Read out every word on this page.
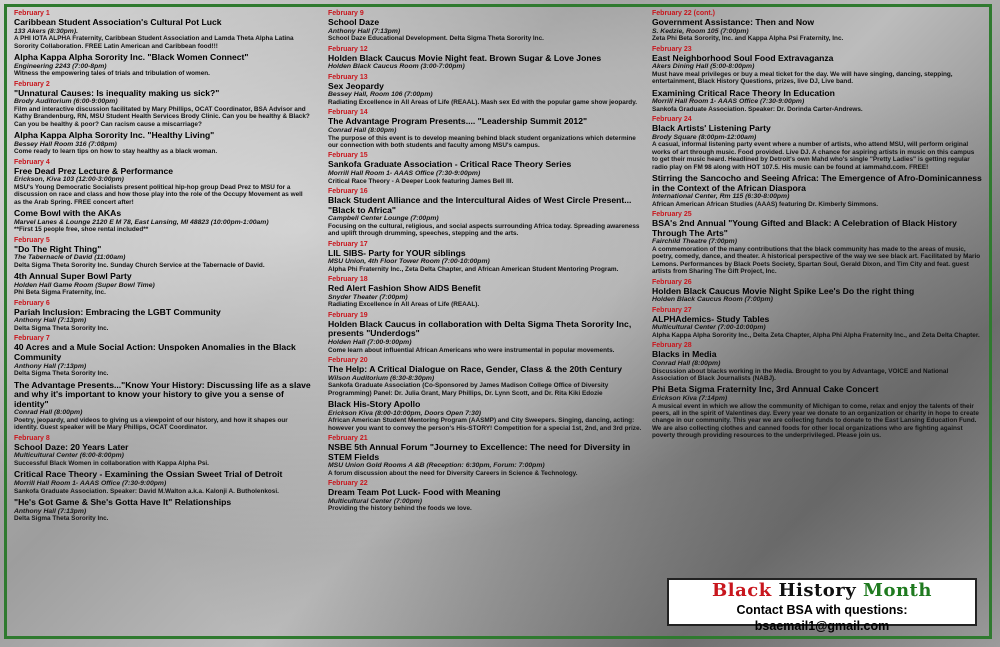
February 1
Caribbean Student Association's Cultural Pot Luck
133 Akers (8:30pm).
A PHI IOTA ALPHA Fraternity, Caribbean Student Association and Lamda Theta Alpha Latina Sorority Collaboration. FREE Latin American and Caribbean food!!!
Alpha Kappa Alpha Sorority Inc. "Black Women Connect"
Engineering 2243 (7:00-8pm)
Witness the empowering tales of trials and tribulation of women.
February 2
"Unnatural Causes: Is inequality making us sick?"
Brody Auditorium (6:00-9:00pm)
Film and interactive discussion facilitated by Mary Phillips, OCAT Coordinator, BSA Advisor and Kathy Brandenburg, RN, MSU Student Health Services Brody Clinic. Can you be healthy & Black? Can you be healthy & poor? Can racism cause a miscarriage?
Alpha Kappa Alpha Sorority Inc. "Healthy Living"
Bessey Hall Room 316 (7:08pm)
Come ready to learn tips on how to stay healthy as a black woman.
February 4
Free Dead Prez Lecture & Performance
Erickson, Kiva 103 (12:00-3:00pm)
MSU's Young Democratic Socialists present political hip-hop group Dead Prez to MSU for a discussion on race and class and how those play into the role of the Occupy Movement as well as the Arab Spring. FREE concert after!
Come Bowl with the AKAs
Marvel Lanes & Lounge 2120 E M 78, East Lansing, MI 48823 (10:00pm-1:00am)
**First 15 people free, shoe rental included**
February 5
"Do The Right Thing"
The Tabernacle of David (11:00am)
Delta Sigma Theta Sorority Inc. Sunday Church Service at the Tabernacle of David.
4th Annual Super Bowl Party
Holden Hall Game Room (Super Bowl Time)
Phi Beta Sigma Fraternity, Inc.
February 6
Pariah Inclusion: Embracing the LGBT Community
Anthony Hall (7:13pm)
Delta Sigma Theta Sorority Inc.
February 7
40 Acres and a Mule Social Action: Unspoken Anomalies in the Black Community
Anthony Hall (7:13pm)
Delta Sigma Theta Sorority Inc.
The Advantage Presents..."Know Your History: Discussing life as a slave and why it's important to know your history to give you a sense of identity"
Conrad Hall (8:00pm)
Poetry, jeopardy, and videos to giving us a viewpoint of our history, and how it shapes our identity. Guest speaker will be Mary Phillips, OCAT Coordinator.
February 8
School Daze: 20 Years Later
Multicultural Center (6:00-8:00pm)
Successful Black Women in collaboration with Kappa Alpha Psi.
Critical Race Theory - Examining the Ossian Sweet Trial of Detroit
Morrill Hall Room 1- AAAS Office (7:30-9:00pm)
Sankofa Graduate Association. Speaker: David M.Walton a.k.a. Kalonji A. Butholenkosi.
"He's Got Game & She's Gotta Have It" Relationships
Anthony Hall (7:13pm)
Delta Sigma Theta Sorority Inc.
February 9
School Daze
Anthony Hall (7:13pm)
School Daze Educational Development. Delta Sigma Theta Sorority Inc.
February 12
Holden Black Caucus Movie Night feat. Brown Sugar & Love Jones
Holden Black Caucus Room (3:00-7:00pm)
February 13
Sex Jeopardy
Bessey Hall, Room 106 (7:00pm)
Radiating Excellence in All Areas of Life (REAAL). Mash sex Ed with the popular game show jeopardy.
February 14
The Advantage Program Presents.... "Leadership Summit 2012"
Conrad Hall (8:00pm)
The purpose of this event is to develop meaning behind black student organizations which determine our connection with both students and faculty among MSU's campus.
February 15
Sankofa Graduate Association - Critical Race Theory Series
Morrill Hall Room 1- AAAS Office (7:30-9:00pm)
Critical Race Theory - A Deeper Look featuring James Bell III.
February 16
Black Student Alliance and the Intercultural Aides of West Circle Present... "Black to Africa"
Campbell Center Lounge (7:00pm)
Focusing on the cultural, religious, and social aspects surrounding Africa today. Spreading awareness and uplift through drumming, speeches, stepping and the arts.
February 17
LIL SIBS- Party for YOUR siblings
MSU Union, 4th Floor Tower Room (7:00-10:00pm)
Alpha Phi Fraternity Inc., Zeta Delta Chapter, and African American Student Mentoring Program.
February 18
Red Alert Fashion Show AIDS Benefit
Snyder Theater (7:00pm)
Radiating Excellence in All Areas of Life (REAAL).
February 19
Holden Black Caucus in collaboration with Delta Sigma Theta Sorority Inc, presents "Underdogs"
Holden Hall (7:00-9:00pm)
Come learn about influential African Americans who were instrumental in popular movements.
February 20
The Help: A Critical Dialogue on Race, Gender, Class & the 20th Century
Wilson Auditorium (6:30-8:30pm)
Sankofa Graduate Association (Co-Sponsored by James Madison College Office of Diversity Programming) Panel: Dr. Julia Grant, Mary Phillips, Dr. Lynn Scott, and Dr. Rita Kiki Edozie
Black His-Story Apollo
Erickson Kiva (8:00-10:00pm, Doors Open 7:30)
African American Student Mentoring Program (AASMP) and City Sweepers. Singing, dancing, acting: however you want to convey the person's His-STORY! Competition for a special 1st, 2nd, and 3rd prize.
February 21
NSBE 5th Annual Forum "Journey to Excellence: The need for Diversity in STEM Fields
MSU Union Gold Rooms A &B (Reception: 6:30pm, Forum: 7:00pm)
A forum discussion about the need for Diversity Careers in Science & Technology.
February 22
Dream Team Pot Luck- Food with Meaning
Multicultural Center (7:00pm)
Providing the history behind the foods we love.
February 22 (cont.)
Government Assistance: Then and Now
S. Kedzie, Room 105 (7:00pm)
Zeta Phi Beta Sorority, Inc. and Kappa Alpha Psi Fraternity, Inc.
February 23
East Neighborhood Soul Food Extravaganza
Akers Dining Hall (5:00-8:00pm)
Must have meal privileges or buy a meal ticket for the day. We will have singing, dancing, stepping, entertainment, Black History Questions, prizes, live DJ, Live band.
Examining Critical Race Theory In Education
Morrill Hall Room 1- AAAS Office (7:30-9:00pm)
Sankofa Graduate Association. Speaker: Dr. Dorinda Carter-Andrews.
February 24
Black Artists' Listening Party
Brody Square (8:00pm-12:00am)
A casual, informal listening party event where a number of artists, who attend MSU, will perform original works of art through music. Food provided. Live DJ. A chance for aspiring artists in music on this campus to get their music heard. Headlined by Detroit's own Mahd who's single "Pretty Ladies" is getting regular radio play on FM 98 along with HOT 107.5. His music can be found at iammahd.com. FREE!
Stirring the Sancocho and Seeing Africa: The Emergence of Afro-Dominicanness in the Context of the African Diaspora
International Center, Rm 115 (6:30-8:00pm)
African American African Studies (AAAS) featuring Dr. Kimberly Simmons.
February 25
BSA's 2nd Annual "Young Gifted and Black: A Celebration of Black History Through The Arts"
Fairchild Theatre (7:00pm)
A commemoration of the many contributions that the black community has made to the areas of music, poetry, comedy, dance, and theater. A historical perspective of the way we see black art. Facilitated by Mario Lemons. Performances by Black Poets Society, Spartan Soul, Gerald Dixon, and Tim City and feat. guest artists from Sharing The Gift Project, Inc.
February 26
Holden Black Caucus Movie Night Spike Lee's Do the right thing
Holden Black Caucus Room (7:00pm)
February 27
ALPHAdemics- Study Tables
Multicultural Center (7:00-10:00pm)
Alpha Kappa Alpha Sorority Inc., Delta Zeta Chapter, Alpha Phi Alpha Fraternity Inc., and Zeta Delta Chapter.
February 28
Blacks in Media
Conrad Hall (8:00pm)
Discussion about blacks working in the Media. Brought to you by Advantage, VOICE and National Association of Black Journalists (NABJ).
Phi Beta Sigma Fraternity Inc, 3rd Annual Cake Concert
Erickson Kiva (7:14pm)
A musical event in which we allow the community of Michigan to come, relax and enjoy the talents of their peers, all in the spirit of Valentines day. Every year we donate to an organization or charity in hope to create change in our community. This year we are collecting funds to donate to the East Lansing Education Fund. We are also collecting clothes and canned foods for other local organizations who are fighting against poverty through providing resources to the underprivileged. Please join us.
Black History Month
Contact BSA with questions: bsaemail1@gmail.com
